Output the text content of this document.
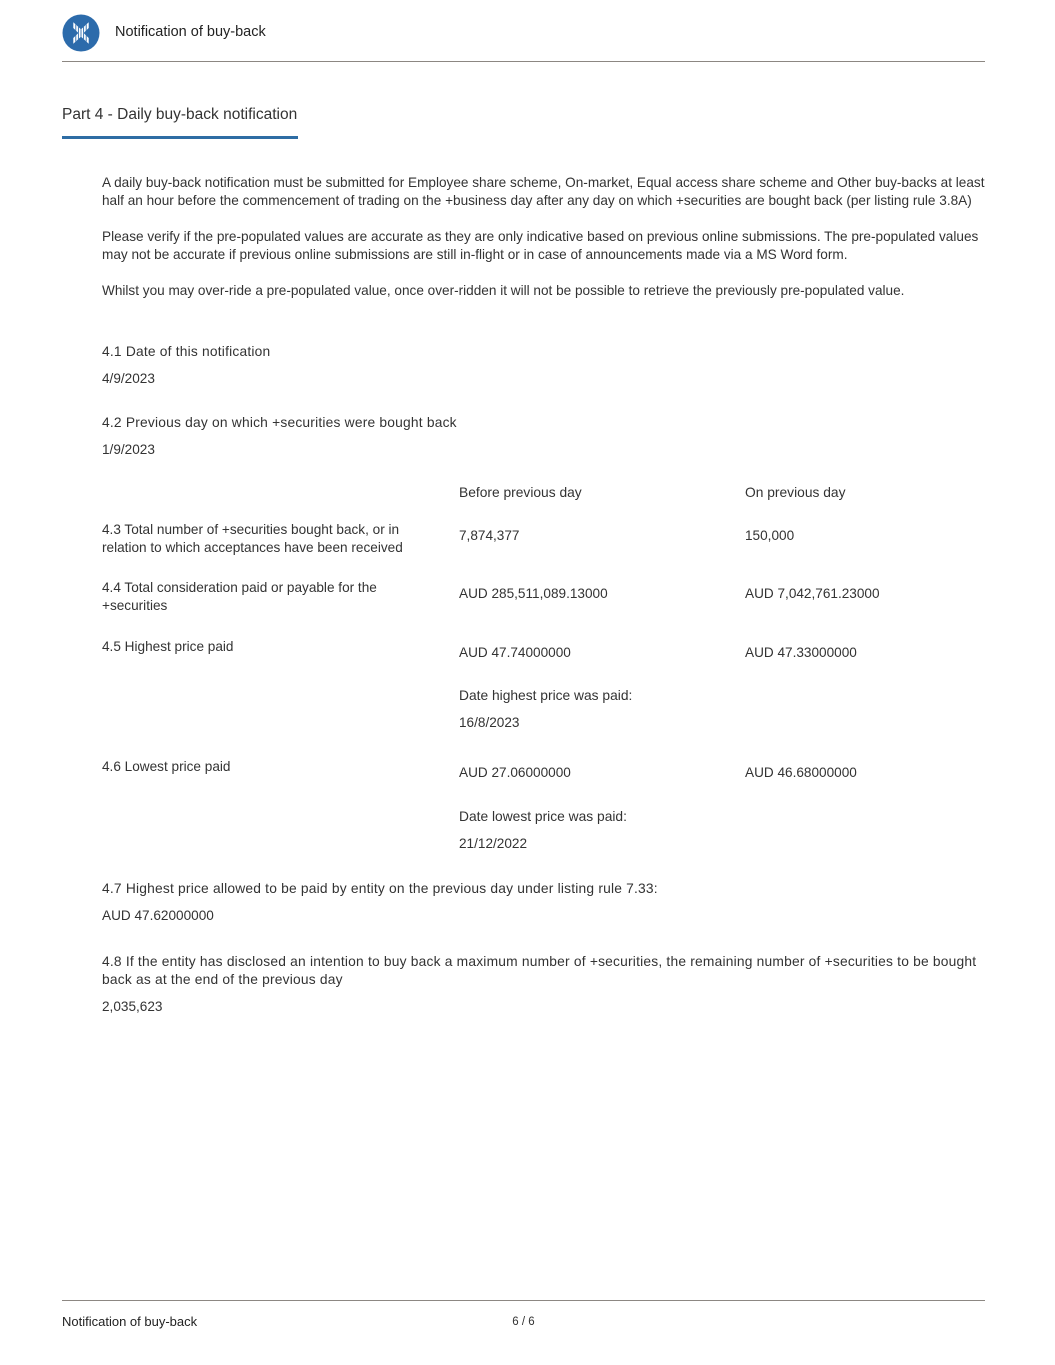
Notification of buy-back
Part 4 - Daily buy-back notification

A daily buy-back notification must be submitted for Employee share scheme, On-market, Equal access share scheme and Other buy-backs at least half an hour before the commencement of trading on the +business day after any day on which +securities are bought back (per listing rule 3.8A)

Please verify if the pre-populated values are accurate as they are only indicative based on previous online submissions. The pre-populated values may not be accurate if previous online submissions are still in-flight or in case of announcements made via a MS Word form.

Whilst you may over-ride a pre-populated value, once over-ridden it will not be possible to retrieve the previously pre-populated value.

4.1 Date of this notification
4/9/2023
4.2 Previous day on which +securities were bought back
1/9/2023
Before previous day	On previous day
4.3 Total number of +securities bought back, or in relation to which acceptances have been received
7,874,377	150,000
4.4 Total consideration paid or payable for the +securities
AUD 285,511,089.13000	AUD 7,042,761.23000
4.5 Highest price paid	AUD 47.74000000	AUD 47.33000000
Date highest price was paid:
16/8/2023
4.6 Lowest price paid	AUD 27.06000000	AUD 46.68000000
Date lowest price was paid:
21/12/2022
4.7 Highest price allowed to be paid by entity on the previous day under listing rule 7.33:
AUD 47.62000000
4.8 If the entity has disclosed an intention to buy back a maximum number of +securities, the remaining number of +securities to be bought back as at the end of the previous day
2,035,623
Notification of buy-back	6 / 6
